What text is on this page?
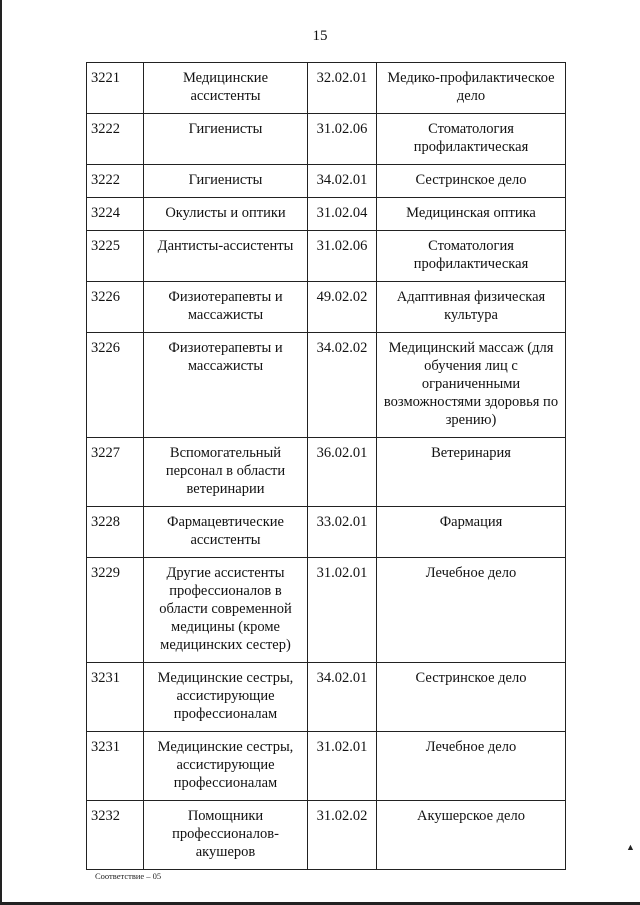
15
3221	Медицинские ассистенты	32.02.01	Медико-профилактическое дело
3222	Гигиенисты	31.02.06	Стоматология профилактическая
3222	Гигиенисты	34.02.01	Сестринское дело
3224	Окулисты и оптики	31.02.04	Медицинская оптика
3225	Дантисты-ассистенты	31.02.06	Стоматология профилактическая
3226	Физиотерапевты и массажисты	49.02.02	Адаптивная физическая культура
3226	Физиотерапевты и массажисты	34.02.02	Медицинский массаж (для обучения лиц с ограниченными возможностями здоровья по зрению)
3227	Вспомогательный персонал в области ветеринарии	36.02.01	Ветеринария
3228	Фармацевтические ассистенты	33.02.01	Фармация
3229	Другие ассистенты профессионалов в области современной медицины (кроме медицинских сестер)	31.02.01	Лечебное дело
3231	Медицинские сестры, ассистирующие профессионалам	34.02.01	Сестринское дело
3231	Медицинские сестры, ассистирующие профессионалам	31.02.01	Лечебное дело
3232	Помощники профессионалов-акушеров	31.02.02	Акушерское дело
▲
Соответствие – 05
